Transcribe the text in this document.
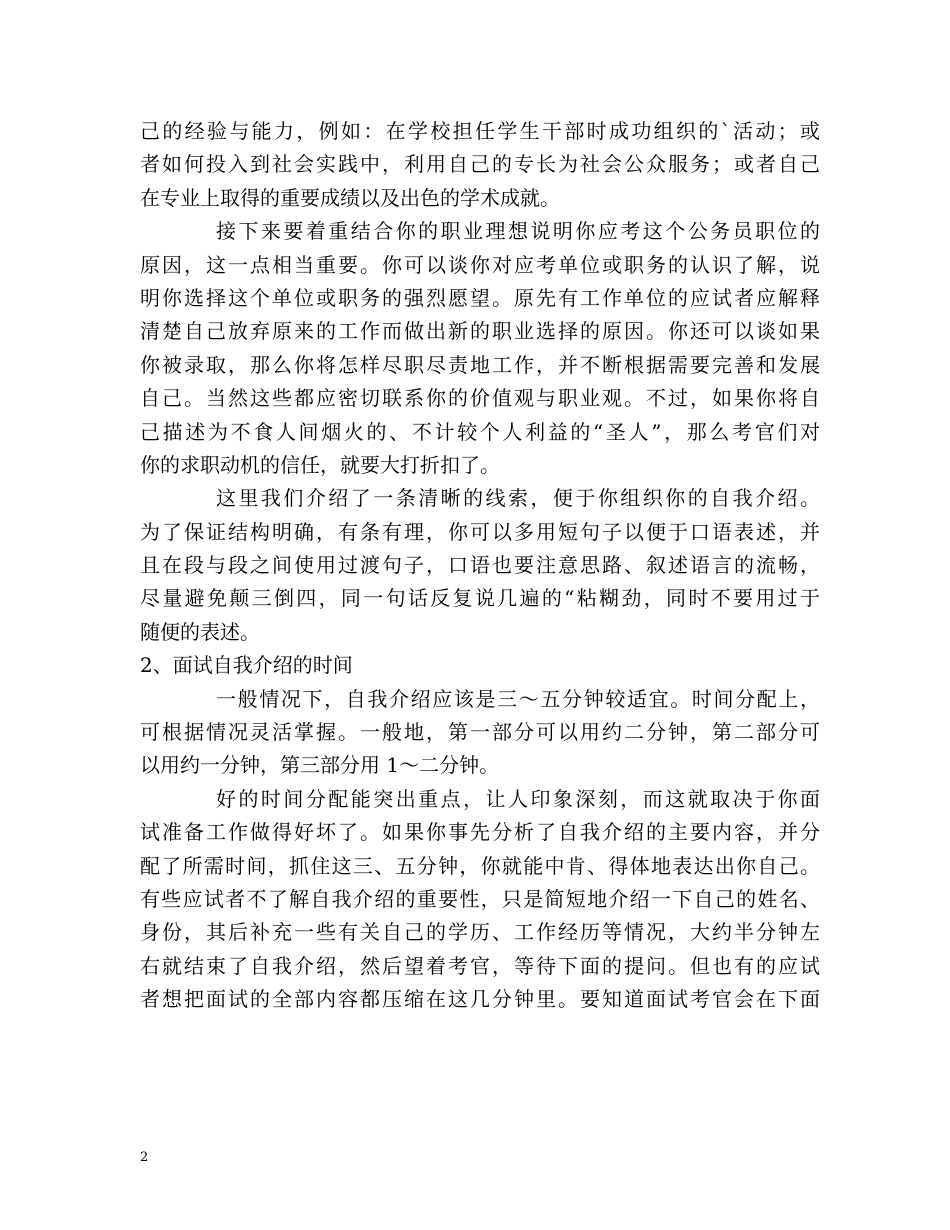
己的经验与能力，例如：在学校担任学生干部时成功组织的`活动；或
者如何投入到社会实践中，利用自己的专长为社会公众服务；或者自己
在专业上取得的重要成绩以及出色的学术成就。
接下来要着重结合你的职业理想说明你应考这个公务员职位的
原因，这一点相当重要。你可以谈你对应考单位或职务的认识了解，说
明你选择这个单位或职务的强烈愿望。原先有工作单位的应试者应解释
清楚自己放弃原来的工作而做出新的职业选择的原因。你还可以谈如果
你被录取，那么你将怎样尽职尽责地工作，并不断根据需要完善和发展
自己。当然这些都应密切联系你的价值观与职业观。不过，如果你将自
己描述为不食人间烟火的、不计较个人利益的“圣人”，那么考官们对
你的求职动机的信任，就要大打折扣了。
这里我们介绍了一条清晰的线索，便于你组织你的自我介绍。
为了保证结构明确，有条有理，你可以多用短句子以便于口语表述，并
且在段与段之间使用过渡句子，口语也要注意思路、叙述语言的流畅，
尽量避免颠三倒四，同一句话反复说几遍的“粘糊劲，同时不要用过于
随便的表述。
2、面试自我介绍的时间
一般情况下，自我介绍应该是三～五分钟较适宜。时间分配上，
可根据情况灵活掌握。一般地，第一部分可以用约二分钟，第二部分可
以用约一分钟，第三部分用 1～二分钟。
好的时间分配能突出重点，让人印象深刻，而这就取决于你面
试准备工作做得好坏了。如果你事先分析了自我介绍的主要内容，并分
配了所需时间，抓住这三、五分钟，你就能中肯、得体地表达出你自己。
有些应试者不了解自我介绍的重要性，只是简短地介绍一下自己的姓名、
身份，其后补充一些有关自己的学历、工作经历等情况，大约半分钟左
右就结束了自我介绍，然后望着考官，等待下面的提问。但也有的应试
者想把面试的全部内容都压缩在这几分钟里。要知道面试考官会在下面
2
